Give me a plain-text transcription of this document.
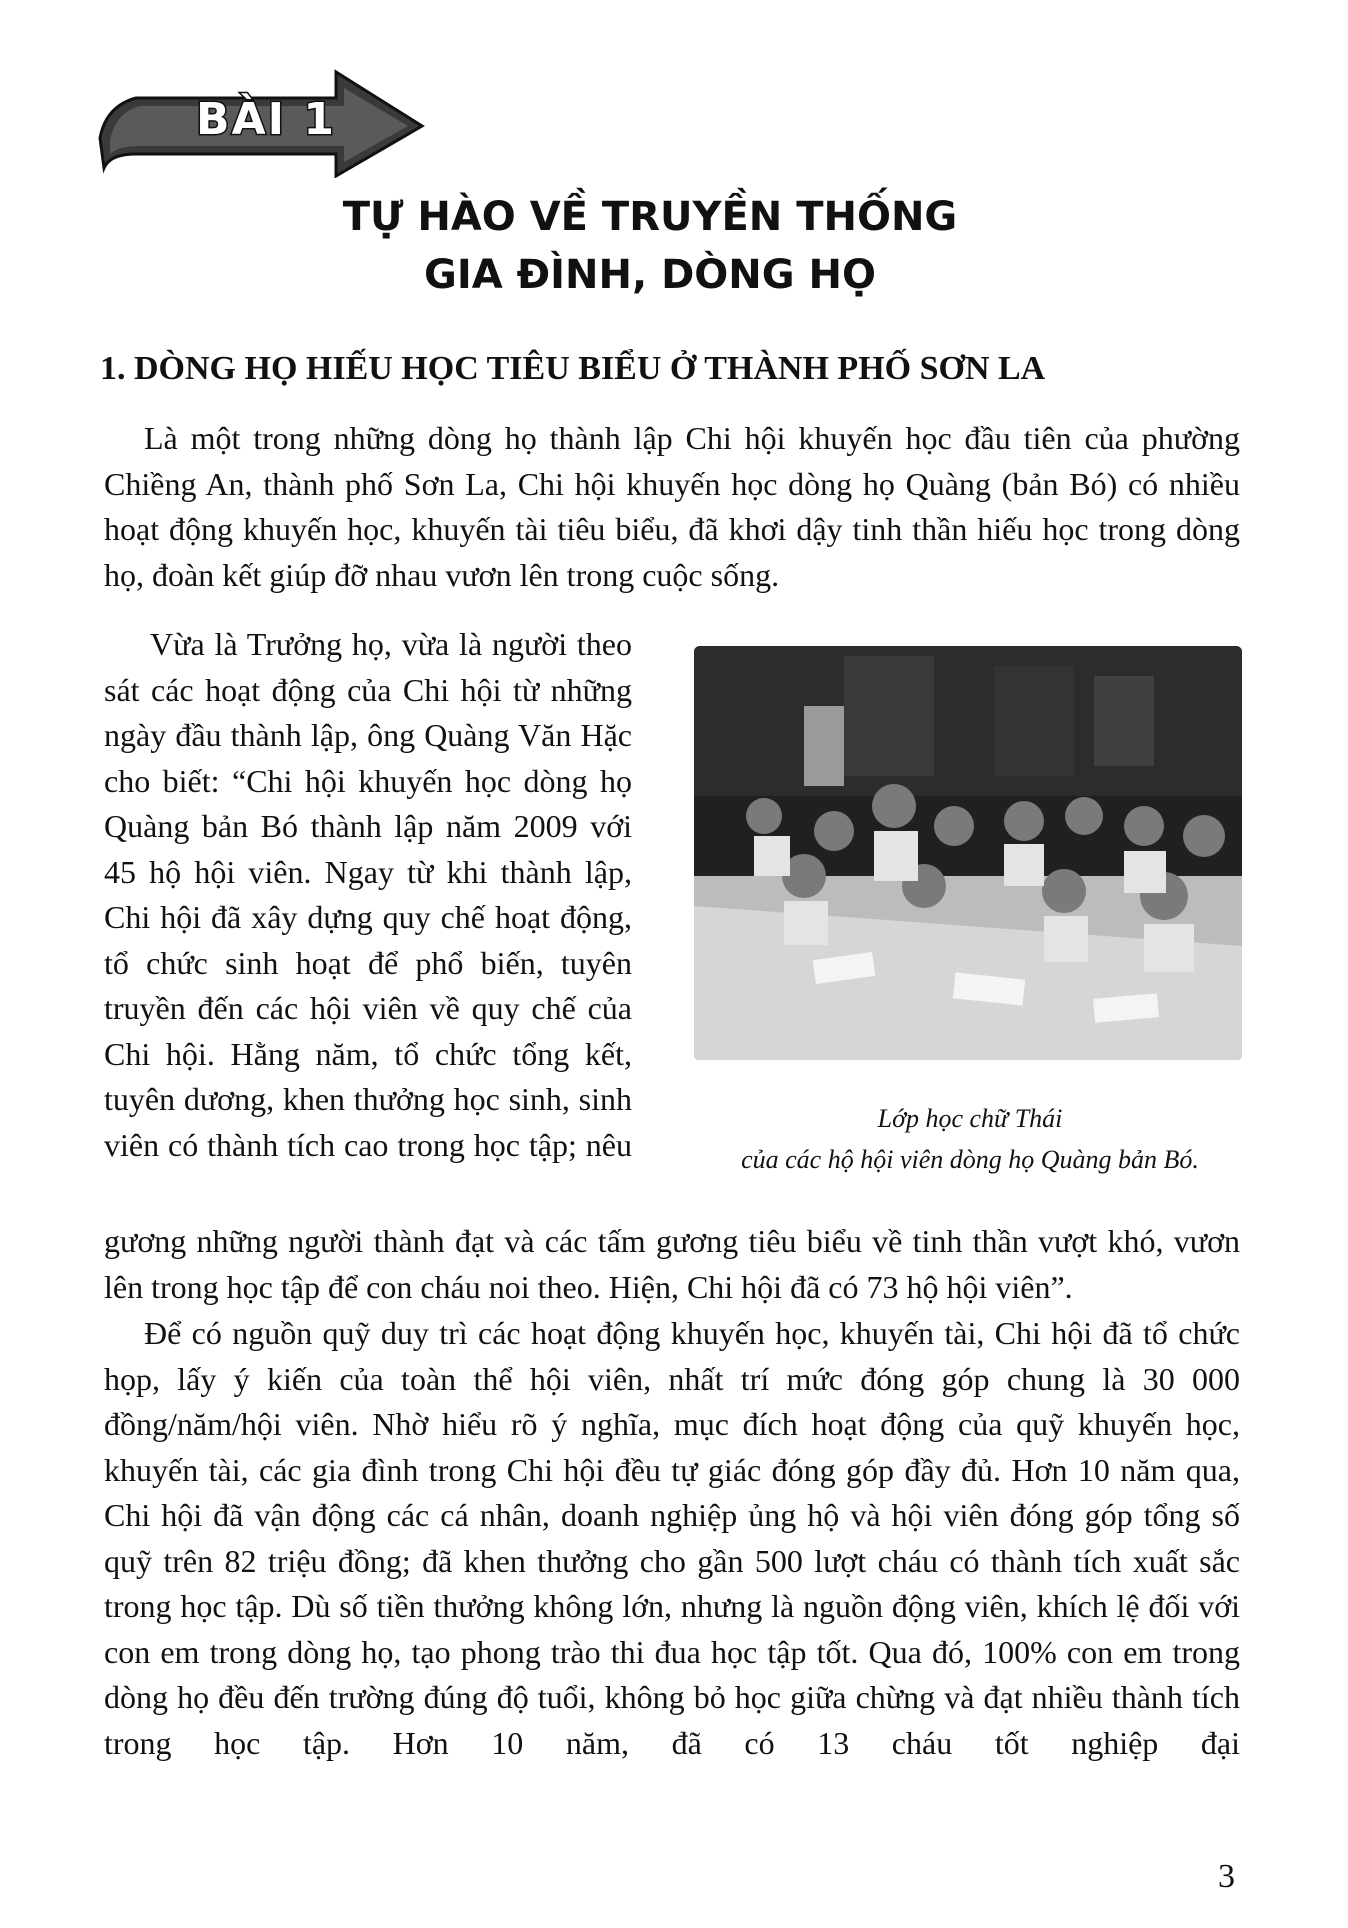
BÀI 1
TỰ HÀO VỀ TRUYỀN THỐNG
GIA ĐÌNH, DÒNG HỌ
1. DÒNG HỌ HIẾU HỌC TIÊU BIỂU Ở THÀNH PHỐ SƠN LA

Là một trong những dòng họ thành lập Chi hội khuyến học đầu tiên của phường Chiềng An, thành phố Sơn La, Chi hội khuyến học dòng họ Quàng (bản Bó) có nhiều hoạt động khuyến học, khuyến tài tiêu biểu, đã khơi dậy tinh thần hiếu học trong dòng họ, đoàn kết giúp đỡ nhau vươn lên trong cuộc sống.

Vừa là Trưởng họ, vừa là người theo sát các hoạt động của Chi hội từ những ngày đầu thành lập, ông Quàng Văn Hặc cho biết: “Chi hội khuyến học dòng họ Quàng bản Bó thành lập năm 2009 với 45 hộ hội viên. Ngay từ khi thành lập, Chi hội đã xây dựng quy chế hoạt động, tổ chức sinh hoạt để phổ biến, tuyên truyền đến các hội viên về quy chế của Chi hội. Hằng năm, tổ chức tổng kết, tuyên dương, khen thưởng học sinh, sinh viên có thành tích cao trong học tập; nêu

Lớp học chữ Thái
của các hộ hội viên dòng họ Quàng bản Bó.

gương những người thành đạt và các tấm gương tiêu biểu về tinh thần vượt khó, vươn lên trong học tập để con cháu noi theo. Hiện, Chi hội đã có 73 hộ hội viên”.

Để có nguồn quỹ duy trì các hoạt động khuyến học, khuyến tài, Chi hội đã tổ chức họp, lấy ý kiến của toàn thể hội viên, nhất trí mức đóng góp chung là 30 000 đồng/năm/hội viên. Nhờ hiểu rõ ý nghĩa, mục đích hoạt động của quỹ khuyến học, khuyến tài, các gia đình trong Chi hội đều tự giác đóng góp đầy đủ. Hơn 10 năm qua, Chi hội đã vận động các cá nhân, doanh nghiệp ủng hộ và hội viên đóng góp tổng số quỹ trên 82 triệu đồng; đã khen thưởng cho gần 500 lượt cháu có thành tích xuất sắc trong học tập. Dù số tiền thưởng không lớn, nhưng là nguồn động viên, khích lệ đối với con em trong dòng họ, tạo phong trào thi đua học tập tốt. Qua đó, 100% con em trong dòng họ đều đến trường đúng độ tuổi, không bỏ học giữa chừng và đạt nhiều thành tích trong học tập. Hơn 10 năm, đã có 13 cháu tốt nghiệp đại

3
